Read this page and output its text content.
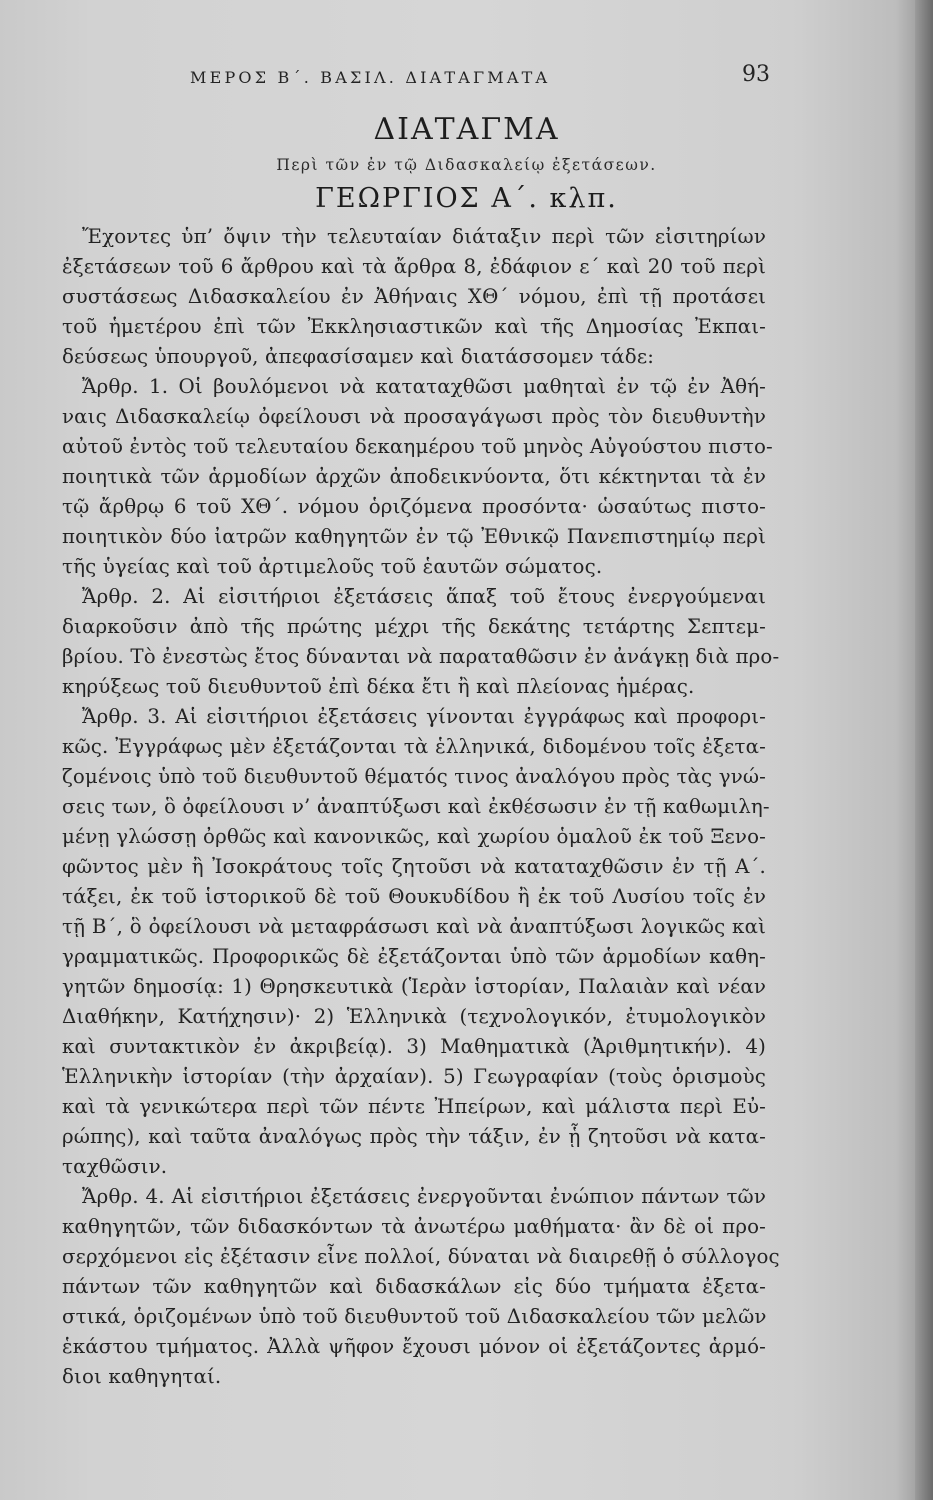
ΜΕΡΟΣ Β΄. ΒΑΣΙΛ. ΔΙΑΤΑΓΜΑΤΑ	93
ΔΙΑΤΑΓΜΑ
Περὶ τῶν ἐν τῷ Διδασκαλείῳ ἐξετάσεων.
ΓΕΩΡΓΙΟΣ Α΄. κλπ.
Ἔχοντες ὑπ’ ὄψιν τὴν τελευταίαν διάταξιν περὶ τῶν εἰσιτηρίων
ἐξετάσεων τοῦ 6 ἄρθρου καὶ τὰ ἄρθρα 8, ἐδάφιον ε΄ καὶ 20 τοῦ περὶ
συστάσεως Διδασκαλείου ἐν Ἀθήναις ΧΘ΄ νόμου, ἐπὶ τῇ προτάσει
τοῦ ἡμετέρου ἐπὶ τῶν Ἐκκλησιαστικῶν καὶ τῆς Δημοσίας Ἐκπαι-
δεύσεως ὑπουργοῦ, ἀπεφασίσαμεν καὶ διατάσσομεν τάδε:
Ἄρθρ. 1. Οἱ βουλόμενοι νὰ καταταχθῶσι μαθηταὶ ἐν τῷ ἐν Ἀθή-
ναις Διδασκαλείῳ ὀφείλουσι νὰ προσαγάγωσι πρὸς τὸν διευθυντὴν
αὐτοῦ ἐντὸς τοῦ τελευταίου δεκαημέρου τοῦ μηνὸς Αὐγούστου πιστο-
ποιητικὰ τῶν ἁρμοδίων ἀρχῶν ἀποδεικνύοντα, ὅτι κέκτηνται τὰ ἐν
τῷ ἄρθρῳ 6 τοῦ ΧΘ΄. νόμου ὁριζόμενα προσόντα· ὡσαύτως πιστο-
ποιητικὸν δύο ἰατρῶν καθηγητῶν ἐν τῷ Ἐθνικῷ Πανεπιστημίῳ περὶ
τῆς ὑγείας καὶ τοῦ ἀρτιμελοῦς τοῦ ἑαυτῶν σώματος.
Ἄρθρ. 2. Αἱ εἰσιτήριοι ἐξετάσεις ἅπαξ τοῦ ἔτους ἐνεργούμεναι
διαρκοῦσιν ἀπὸ τῆς πρώτης μέχρι τῆς δεκάτης τετάρτης Σεπτεμ-
βρίου. Τὸ ἐνεστὼς ἔτος δύνανται νὰ παραταθῶσιν ἐν ἀνάγκῃ διὰ προ-
κηρύξεως τοῦ διευθυντοῦ ἐπὶ δέκα ἔτι ἢ καὶ πλείονας ἡμέρας.
Ἄρθρ. 3. Αἱ εἰσιτήριοι ἐξετάσεις γίνονται ἐγγράφως καὶ προφορι-
κῶς. Ἐγγράφως μὲν ἐξετάζονται τὰ ἑλληνικά, διδομένου τοῖς ἐξετα-
ζομένοις ὑπὸ τοῦ διευθυντοῦ θέματός τινος ἀναλόγου πρὸς τὰς γνώ-
σεις των, ὃ ὀφείλουσι ν’ ἀναπτύξωσι καὶ ἐκθέσωσιν ἐν τῇ καθωμιλη-
μένῃ γλώσσῃ ὀρθῶς καὶ κανονικῶς, καὶ χωρίου ὁμαλοῦ ἐκ τοῦ Ξενο-
φῶντος μὲν ἢ Ἰσοκράτους τοῖς ζητοῦσι νὰ καταταχθῶσιν ἐν τῇ Α΄.
τάξει, ἐκ τοῦ ἱστορικοῦ δὲ τοῦ Θουκυδίδου ἢ ἐκ τοῦ Λυσίου τοῖς ἐν
τῇ Β΄, ὃ ὀφείλουσι νὰ μεταφράσωσι καὶ νὰ ἀναπτύξωσι λογικῶς καὶ
γραμματικῶς. Προφορικῶς δὲ ἐξετάζονται ὑπὸ τῶν ἁρμοδίων καθη-
γητῶν δημοσίᾳ: 1) Θρησκευτικὰ (Ἱερὰν ἱστορίαν, Παλαιὰν καὶ νέαν
Διαθήκην, Κατήχησιν)· 2) Ἑλληνικὰ (τεχνολογικόν, ἐτυμολογικὸν
καὶ συντακτικὸν ἐν ἀκριβείᾳ). 3) Μαθηματικὰ (Ἀριθμητικήν). 4)
Ἑλληνικὴν ἱστορίαν (τὴν ἀρχαίαν). 5) Γεωγραφίαν (τοὺς ὁρισμοὺς
καὶ τὰ γενικώτερα περὶ τῶν πέντε Ἠπείρων, καὶ μάλιστα περὶ Εὐ-
ρώπης), καὶ ταῦτα ἀναλόγως πρὸς τὴν τάξιν, ἐν ᾗ ζητοῦσι νὰ κατα-
ταχθῶσιν.
Ἄρθρ. 4. Αἱ εἰσιτήριοι ἐξετάσεις ἐνεργοῦνται ἐνώπιον πάντων τῶν
καθηγητῶν, τῶν διδασκόντων τὰ ἀνωτέρω μαθήματα· ἂν δὲ οἱ προ-
σερχόμενοι εἰς ἐξέτασιν εἶνε πολλοί, δύναται νὰ διαιρεθῇ ὁ σύλλογος
πάντων τῶν καθηγητῶν καὶ διδασκάλων εἰς δύο τμήματα ἐξετα-
στικά, ὁριζομένων ὑπὸ τοῦ διευθυντοῦ τοῦ Διδασκαλείου τῶν μελῶν
ἑκάστου τμήματος. Ἀλλὰ ψῆφον ἔχουσι μόνον οἱ ἐξετάζοντες ἁρμό-
διοι καθηγηταί.
